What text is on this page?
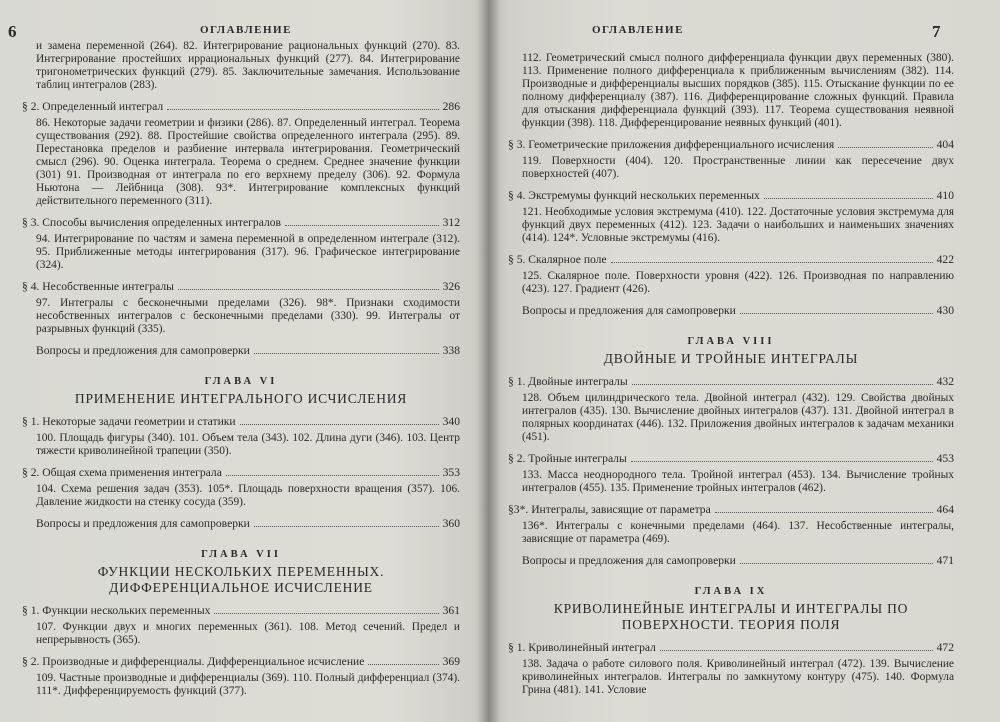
6	ОГЛАВЛЕНИЕ

и замена переменной (264). 82. Интегрирование рациональных функций (270). 83. Интегрирование простейших иррациональных функций (277). 84. Интегрирование тригонометрических функций (279). 85. Заключительные замечания. Использование таблиц интегралов (283).

§ 2. Определенный интеграл	286

86. Некоторые задачи геометрии и физики (286). 87. Определенный интеграл. Теорема существования (292). 88. Простейшие свойства определенного интеграла (295). 89. Перестановка пределов и разбиение интервала интегрирования. Геометрический смысл (296). 90. Оценка интеграла. Теорема о среднем. Среднее значение функции (301) 91. Производная от интеграла по его верхнему пределу (306). 92. Формула Ньютона — Лейбница (308). 93*. Интегрирование комплексных функций действительного переменного (311).

§ 3. Способы вычисления определенных интегралов	312

94. Интегрирование по частям и замена переменной в определенном интеграле (312). 95. Приближенные методы интегрирования (317). 96. Графическое интегрирование (324).

§ 4. Несобственные интегралы	326

97. Интегралы с бесконечными пределами (326). 98*. Признаки сходимости несобственных интегралов с бесконечными пределами (330). 99. Интегралы от разрывных функций (335).

Вопросы и предложения для самопроверки	338
ГЛАВА VI
ПРИМЕНЕНИЕ ИНТЕГРАЛЬНОГО ИСЧИСЛЕНИЯ
§ 1. Некоторые задачи геометрии и статики	340

100. Площадь фигуры (340). 101. Объем тела (343). 102. Длина дуги (346). 103. Центр тяжести криволинейной трапеции (350).

§ 2. Общая схема применения интеграла	353

104. Схема решения задач (353). 105*. Площадь поверхности вращения (357). 106. Давление жидкости на стенку сосуда (359).

Вопросы и предложения для самопроверки	360
ГЛАВА VII
ФУНКЦИИ НЕСКОЛЬКИХ ПЕРЕМЕННЫХ. ДИФФЕРЕНЦИАЛЬНОЕ ИСЧИСЛЕНИЕ
§ 1. Функции нескольких переменных	361

107. Функции двух и многих переменных (361). 108. Метод сечений. Предел и непрерывность (365).

§ 2. Производные и дифференциалы. Дифференциальное исчисление	369

109. Частные производные и дифференциалы (369). 110. Полный дифференциал (374). 111*. Дифференцируемость функций (377).

7
ОГЛАВЛЕНИЕ

112. Геометрический смысл полного дифференциала функции двух переменных (380). 113. Применение полного дифференциала к приближенным вычислениям (382). 114. Производные и дифференциалы высших порядков (385). 115. Отыскание функции по ее полному дифференциалу (387). 116. Дифференцирование сложных функций. Правила для отыскания дифференциала функций (393). 117. Теорема существования неявной функции (398). 118. Дифференцирование неявных функций (401).

§ 3. Геометрические приложения дифференциального исчисления	404

119. Поверхности (404). 120. Пространственные линии как пересечение двух поверхностей (407).

§ 4. Экстремумы функций нескольких переменных	410

121. Необходимые условия экстремума (410). 122. Достаточные условия экстремума для функций двух переменных (412). 123. Задачи о наибольших и наименьших значениях (414). 124*. Условные экстремумы (416).

§ 5. Скалярное поле	422

125. Скалярное поле. Поверхности уровня (422). 126. Производная по направлению (423). 127. Градиент (426).

Вопросы и предложения для самопроверки	430
ГЛАВА VIII
ДВОЙНЫЕ И ТРОЙНЫЕ ИНТЕГРАЛЫ
§ 1. Двойные интегралы	432

128. Объем цилиндрического тела. Двойной интеграл (432). 129. Свойства двойных интегралов (435). 130. Вычисление двойных интегралов (437). 131. Двойной интеграл в полярных координатах (446). 132. Приложения двойных интегралов к задачам механики (451).

§ 2. Тройные интегралы	453

133. Масса неоднородного тела. Тройной интеграл (453). 134. Вычисление тройных интегралов (455). 135. Применение тройных интегралов (462).

§3*. Интегралы, зависящие от параметра	464

136*. Интегралы с конечными пределами (464). 137. Несобственные интегралы, зависящие от параметра (469).

Вопросы и предложения для самопроверки	471
ГЛАВА IX
КРИВОЛИНЕЙНЫЕ ИНТЕГРАЛЫ И ИНТЕГРАЛЫ ПО ПОВЕРХНОСТИ. ТЕОРИЯ ПОЛЯ
§ 1. Криволинейный интеграл	472

138. Задача о работе силового поля. Криволинейный интеграл (472). 139. Вычисление криволинейных интегралов. Интегралы по замкнутому контуру (475). 140. Формула Грина (481). 141. Условие
